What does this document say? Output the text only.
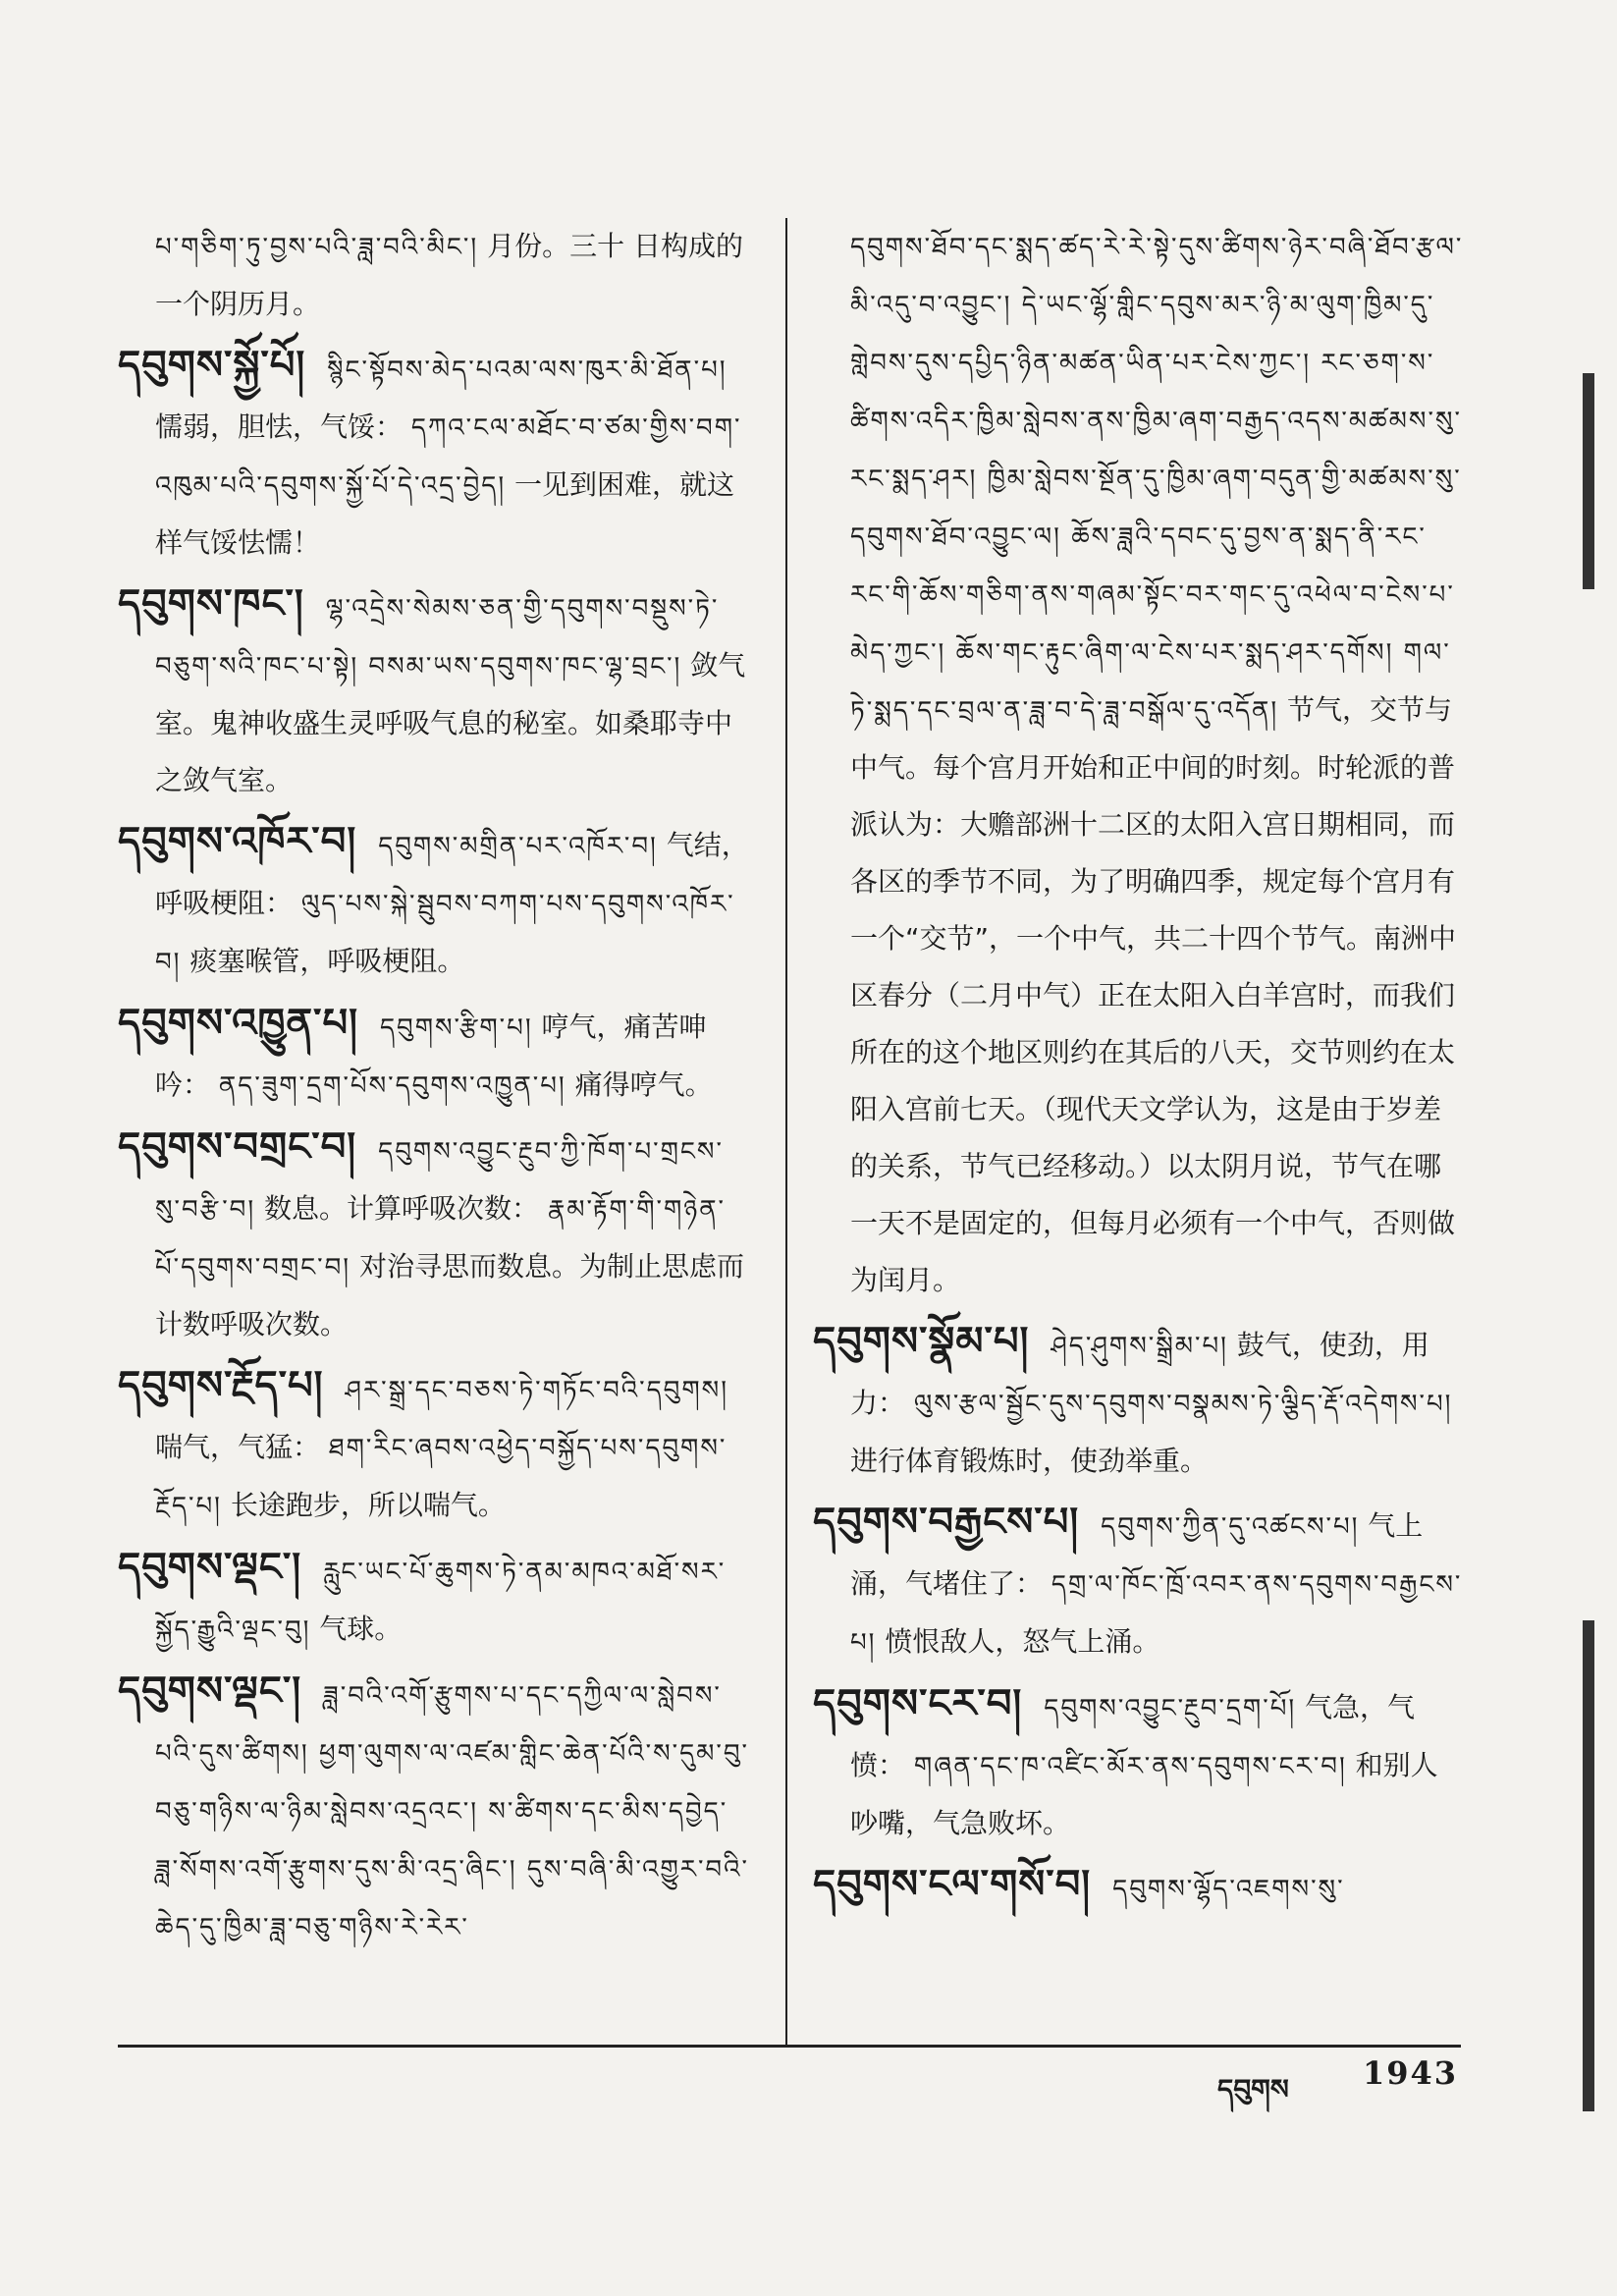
པ་གཅིག་ཏུ་བྱས་པའི་ཟླ་བའི་མིང་། 月份。三十 日构成的一个阴历月。
དབུགས་སྐྱོ་པོ། སྙིང་སྟོབས་མེད་པའམ་ལས་ཁུར་མི་ཐོན་པ། 懦弱，胆怯，气馁： དཀའ་ངལ་མཐོང་བ་ཙམ་གྱིས་བག་འཁུམ་པའི་དབུགས་སྐྱོ་པོ་དེ་འདྲ་བྱེད། 一见到困难，就这样气馁怯懦！
དབུགས་ཁང་། ལྷ་འདྲེས་སེམས་ཅན་གྱི་དབུགས་བསྡུས་ཏེ་བཅུག་སའི་ཁང་པ་སྟེ། བསམ་ཡས་དབུགས་ཁང་ལྷ་བྲང་། 敛气室。鬼神收盛生灵呼吸气息的秘室。如桑耶寺中之敛气室。
དབུགས་འཁོར་བ། དབུགས་མགྲིན་པར་འཁོར་བ། 气结，呼吸梗阻： ལུད་པས་སྐེ་སྦུབས་བཀག་པས་དབུགས་འཁོར་བ། 痰塞喉管，呼吸梗阻。
དབུགས་འཁྱུན་པ། དབུགས་རྩིག་པ། 哼气，痛苦呻吟： ནད་ཟུག་དྲག་པོས་དབུགས་འཁྱུན་པ། 痛得哼气。
དབུགས་བགྲང་བ། དབུགས་འབྱུང་རྔུབ་ཀྱི་ཁོག་པ་གྲངས་སུ་བརྩི་བ། 数息。计算呼吸次数： རྣམ་རྟོག་གི་གཉེན་པོ་དབུགས་བགྲང་བ། 对治寻思而数息。为制止思虑而计数呼吸次数。
དབུགས་རྔོད་པ། ཤར་སྒྲ་དང་བཅས་ཏེ་གཏོང་བའི་དབུགས། 喘气，气猛： ཐག་རིང་ཞབས་འཕྱེད་བསྐྱོད་པས་དབུགས་རྔོད་པ། 长途跑步，所以喘气。
དབུགས་ལྡང་། རླུང་ཡང་པོ་ཆུགས་ཏེ་ནམ་མཁའ་མཐོ་སར་སྐྱོད་རྒྱུའི་ལྡང་བུ། 气球。
དབུགས་ལྡང་། ཟླ་བའི་འགོ་རྩུགས་པ་དང་དཀྱིལ་ལ་སླེབས་པའི་དུས་ཚིགས། ཕྱག་ལུགས་ལ་འཛམ་གླིང་ཆེན་པོའི་ས་དུམ་བུ་བཅུ་གཉིས་ལ་ཉིམ་སླེབས་འདྲའང་། ས་ཚིགས་དང་མིས་དབྱེད་ཟླ་སོགས་འགོ་རྩུགས་དུས་མི་འདྲ་ཞིང་། དུས་བཞི་མི་འགྱུར་བའི་ཆེད་དུ་ཁྱིམ་ཟླ་བཅུ་གཉིས་རེ་རེར་
དབུགས་ཐོབ་དང་སྨད་ཚད་རེ་རེ་སྟེ་དུས་ཚིགས་ཉེར་བཞི་ཐོབ་རྩལ་མི་འདུ་བ་འབྱུང་། དེ་ཡང་ལྷོ་གླིང་དབུས་མར་ཉི་མ་ལུག་ཁྱིམ་དུ་གླེབས་དུས་དཔྱིད་ཉིན་མཚན་ཡིན་པར་ངེས་ཀྱང་། རང་ཅག་ས་ཚིགས་འདིར་ཁྱིམ་སླེབས་ནས་ཁྱིམ་ཞག་བརྒྱད་འདས་མཚམས་སུ་རང་སྨད་ཤར། ཁྱིམ་སླེབས་སྔོན་དུ་ཁྱིམ་ཞག་བདུན་གྱི་མཚམས་སུ་དབུགས་ཐོབ་འབྱུང་ལ། ཆོས་ཟླའི་དབང་དུ་བྱས་ན་སྨད་ནི་རང་རང་གི་ཆོས་གཅིག་ནས་གཞམ་སྟོང་བར་གང་དུ་འཕེལ་བ་ངེས་པ་མེད་ཀྱང་། ཆོས་གང་རྟུང་ཞིག་ལ་ངེས་པར་སྨད་ཤར་དགོས། གལ་ཏེ་སྨད་དང་བྲལ་ན་ཟླ་བ་དེ་ཟླ་བསྒོལ་དུ་འདོན། 节气，交节与中气。每个宫月开始和正中间的时刻。时轮派的普派认为：大赡部洲十二区的太阳入宫日期相同，而各区的季节不同，为了明确四季，规定每个宫月有一个“交节”，一个中气，共二十四个节气。南洲中区春分（二月中气）正在太阳入白羊宫时，而我们所在的这个地区则约在其后的八天，交节则约在太阳入宫前七天。（现代天文学认为，这是由于岁差的关系，节气已经移动。）以太阴月说，节气在哪一天不是固定的，但每月必须有一个中气，否则做为闰月。
དབུགས་སྣོམ་པ། ཤེད་ཤུགས་སྒྲིམ་པ། 鼓气，使劲，用力： ལུས་རྩལ་སྦྱོང་དུས་དབུགས་བསྣམས་ཏེ་ལྕིད་རྡོ་འདེགས་པ། 进行体育锻炼时，使劲举重。
དབུགས་བརྒྱངས་པ། དབུགས་ཀྱིན་དུ་འཚངས་པ། 气上涌，气堵住了： དགྲ་ལ་ཁོང་ཁྲོ་འབར་ནས་དབུགས་བརྒྱངས་པ། 愤恨敌人，怒气上涌。
དབུགས་ངར་བ། དབུགས་འབྱུང་རྔུབ་དྲག་པོ། 气急，气愤： གཞན་དང་ཁ་འཛིང་མོར་ནས་དབུགས་ངར་བ། 和别人吵嘴，气急败坏。
དབུགས་ངལ་གསོ་བ། དབུགས་ལྷོད་འཇགས་སུ་
དབུགས 1943
